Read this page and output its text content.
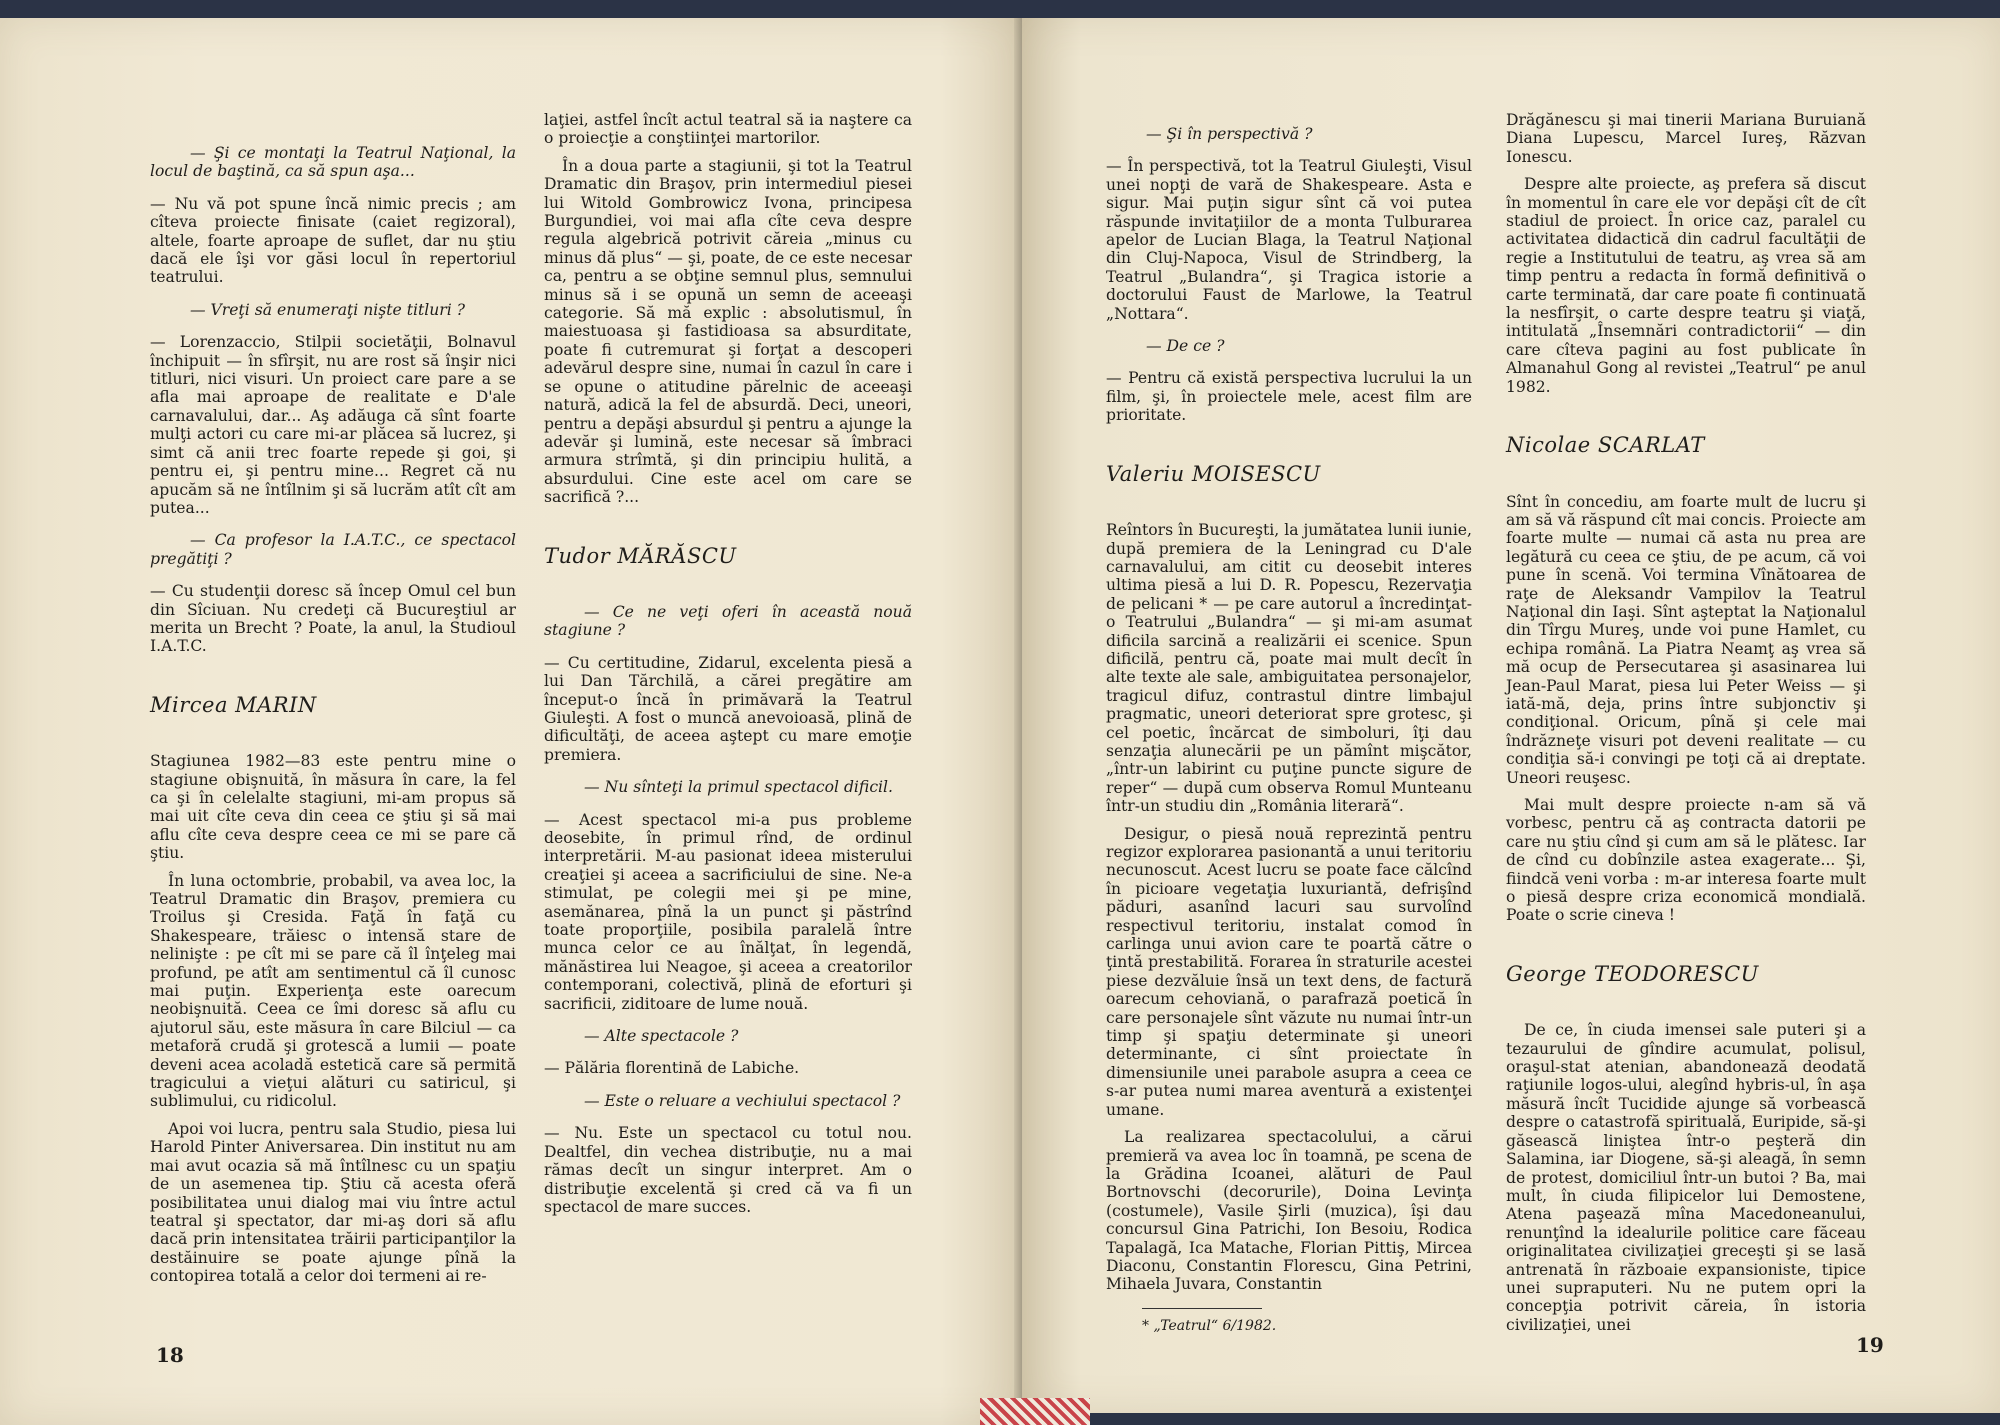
— Şi ce montaţi la Teatrul Naţional, la locul de baştină, ca să spun aşa...

— Nu vă pot spune încă nimic precis ; am cîteva proiecte finisate (caiet regizoral), altele, foarte aproape de suflet, dar nu ştiu dacă ele îşi vor găsi locul în repertoriul teatrului.

— Vreţi să enumeraţi nişte titluri ?

— Lorenzaccio, Stilpii societăţii, Bolnavul închipuit — în sfîrşit, nu are rost să înşir nici titluri, nici visuri. Un proiect care pare a se afla mai aproape de realitate e D'ale carnavalului, dar... Aş adăuga că sînt foarte mulţi actori cu care mi-ar plăcea să lucrez, şi simt că anii trec foarte repede şi goi, şi pentru ei, şi pentru mine... Regret că nu apucăm să ne întîlnim şi să lucrăm atît cît am putea...

— Ca profesor la I.A.T.C., ce spectacol pregătiţi ?

— Cu studenţii doresc să încep Omul cel bun din Sîciuan. Nu credeţi că Bucureştiul ar merita un Brecht ? Poate, la anul, la Studioul I.A.T.C.

Mircea MARIN

Stagiunea 1982—83 este pentru mine o stagiune obişnuită, în măsura în care, la fel ca şi în celelalte stagiuni, mi-am propus să mai uit cîte ceva din ceea ce ştiu şi să mai aflu cîte ceva despre ceea ce mi se pare că ştiu.

În luna octombrie, probabil, va avea loc, la Teatrul Dramatic din Braşov, premiera cu Troilus şi Cresida. Faţă în faţă cu Shakespeare, trăiesc o intensă stare de nelinişte : pe cît mi se pare că îl înţeleg mai profund, pe atît am sentimentul că îl cunosc mai puţin. Experienţa este oarecum neobişnuită. Ceea ce îmi doresc să aflu cu ajutorul său, este măsura în care Bilciul — ca metaforă crudă şi grotescă a lumii — poate deveni acea acoladă estetică care să permită tragicului a vieţui alături cu satiricul, şi sublimului, cu ridicolul.

Apoi voi lucra, pentru sala Studio, piesa lui Harold Pinter Aniversarea. Din institut nu am mai avut ocazia să mă întîlnesc cu un spaţiu de un asemenea tip. Ştiu că acesta oferă posibilitatea unui dialog mai viu între actul teatral şi spectator, dar mi-aş dori să aflu dacă prin intensitatea trăirii participanţilor la destăinuire se poate ajunge pînă la contopirea totală a celor doi termeni ai re-

laţiei, astfel încît actul teatral să ia naştere ca o proiecţie a conştiinţei martorilor.

În a doua parte a stagiunii, şi tot la Teatrul Dramatic din Braşov, prin intermediul piesei lui Witold Gombrowicz Ivona, principesa Burgundiei, voi mai afla cîte ceva despre regula algebrică potrivit căreia „minus cu minus dă plus“ — şi, poate, de ce este necesar ca, pentru a se obţine semnul plus, semnului minus să i se opună un semn de aceeaşi categorie. Să mă explic : absolutismul, în maiestuoasa şi fastidioasa sa absurditate, poate fi cutremurat şi forţat a descoperi adevărul despre sine, numai în cazul în care i se opune o atitudine părelnic de aceeaşi natură, adică la fel de absurdă. Deci, uneori, pentru a depăşi absurdul şi pentru a ajunge la adevăr şi lumină, este necesar să îmbraci armura strîmtă, şi din principiu hulită, a absurdului. Cine este acel om care se sacrifică ?...

Tudor MĂRĂSCU

— Ce ne veţi oferi în această nouă stagiune ?

— Cu certitudine, Zidarul, excelenta piesă a lui Dan Tărchilă, a cărei pregătire am început-o încă în primăvară la Teatrul Giuleşti. A fost o muncă anevoioasă, plină de dificultăţi, de aceea aştept cu mare emoţie premiera.

— Nu sînteţi la primul spectacol dificil.

— Acest spectacol mi-a pus probleme deosebite, în primul rînd, de ordinul interpretării. M-au pasionat ideea misterului creaţiei şi aceea a sacrificiului de sine. Ne-a stimulat, pe colegii mei şi pe mine, asemănarea, pînă la un punct şi păstrînd toate proporţiile, posibila paralelă între munca celor ce au înălţat, în legendă, mănăstirea lui Neagoe, şi aceea a creatorilor contemporani, colectivă, plină de eforturi şi sacrificii, ziditoare de lume nouă.

— Alte spectacole ?

— Pălăria florentină de Labiche.

— Este o reluare a vechiului spectacol ?

— Nu. Este un spectacol cu totul nou. Dealtfel, din vechea distribuţie, nu a mai rămas decît un singur interpret. Am o distribuţie excelentă şi cred că va fi un spectacol de mare succes.

18

— Şi în perspectivă ?

— În perspectivă, tot la Teatrul Giuleşti, Visul unei nopţi de vară de Shakespeare. Asta e sigur. Mai puţin sigur sînt că voi putea răspunde invitaţiilor de a monta Tulburarea apelor de Lucian Blaga, la Teatrul Naţional din Cluj-Napoca, Visul de Strindberg, la Teatrul „Bulandra“, şi Tragica istorie a doctorului Faust de Marlowe, la Teatrul „Nottara“.

— De ce ?

— Pentru că există perspectiva lucrului la un film, şi, în proiectele mele, acest film are prioritate.

Valeriu MOISESCU

Reîntors în Bucureşti, la jumătatea lunii iunie, după premiera de la Leningrad cu D'ale carnavalului, am citit cu deosebit interes ultima piesă a lui D. R. Popescu, Rezervaţia de pelicani * — pe care autorul a încredinţat-o Teatrului „Bulandra“ — şi mi-am asumat dificila sarcină a realizării ei scenice. Spun dificilă, pentru că, poate mai mult decît în alte texte ale sale, ambiguitatea personajelor, tragicul difuz, contrastul dintre limbajul pragmatic, uneori deteriorat spre grotesc, şi cel poetic, încărcat de simboluri, îţi dau senzaţia alunecării pe un pămînt mişcător, „într-un labirint cu puţine puncte sigure de reper“ — după cum observa Romul Munteanu într-un studiu din „România literară“.

Desigur, o piesă nouă reprezintă pentru regizor explorarea pasionantă a unui teritoriu necunoscut. Acest lucru se poate face călcînd în picioare vegetaţia luxuriantă, defrişînd păduri, asanînd lacuri sau survolînd respectivul teritoriu, instalat comod în carlinga unui avion care te poartă către o ţintă prestabilită. Forarea în straturile acestei piese dezvăluie însă un text dens, de factură oarecum cehoviană, o parafrază poetică în care personajele sînt văzute nu numai într-un timp şi spaţiu determinate şi uneori determinante, ci sînt proiectate în dimensiunile unei parabole asupra a ceea ce s-ar putea numi marea aventură a existenţei umane.

La realizarea spectacolului, a cărui premieră va avea loc în toamnă, pe scena de la Grădina Icoanei, alături de Paul Bortnovschi (decorurile), Doina Levinţa (costumele), Vasile Şirli (muzica), îşi dau concursul Gina Patrichi, Ion Besoiu, Rodica Tapalagă, Ica Matache, Florian Pittiş, Mircea Diaconu, Constantin Florescu, Gina Petrini, Mihaela Juvara, Constantin

* „Teatrul“ 6/1982.

Drăgănescu şi mai tinerii Mariana Buruiană Diana Lupescu, Marcel Iureş, Răzvan Ionescu.

Despre alte proiecte, aş prefera să discut în momentul în care ele vor depăşi cît de cît stadiul de proiect. În orice caz, paralel cu activitatea didactică din cadrul facultăţii de regie a Institutului de teatru, aş vrea să am timp pentru a redacta în formă definitivă o carte terminată, dar care poate fi continuată la nesfîrşit, o carte despre teatru şi viaţă, intitulată „Însemnări contradictorii“ — din care cîteva pagini au fost publicate în Almanahul Gong al revistei „Teatrul“ pe anul 1982.

Nicolae SCARLAT

Sînt în concediu, am foarte mult de lucru şi am să vă răspund cît mai concis. Proiecte am foarte multe — numai că asta nu prea are legătură cu ceea ce ştiu, de pe acum, că voi pune în scenă. Voi termina Vînătoarea de raţe de Aleksandr Vampilov la Teatrul Naţional din Iaşi. Sînt aşteptat la Naţionalul din Tîrgu Mureş, unde voi pune Hamlet, cu echipa română. La Piatra Neamţ aş vrea să mă ocup de Persecutarea şi asasinarea lui Jean-Paul Marat, piesa lui Peter Weiss — şi iată-mă, deja, prins între subjonctiv şi condiţional. Oricum, pînă şi cele mai îndrăzneţe visuri pot deveni realitate — cu condiţia să-i convingi pe toţi că ai dreptate. Uneori reuşesc.

Mai mult despre proiecte n-am să vă vorbesc, pentru că aş contracta datorii pe care nu ştiu cînd şi cum am să le plătesc. Iar de cînd cu dobînzile astea exagerate... Şi, fiindcă veni vorba : m-ar interesa foarte mult o piesă despre criza economică mondială. Poate o scrie cineva !

George TEODORESCU

De ce, în ciuda imensei sale puteri şi a tezaurului de gîndire acumulat, polisul, oraşul-stat atenian, abandonează deodată raţiunile logos-ului, alegînd hybris-ul, în aşa măsură încît Tucidide ajunge să vorbească despre o catastrofă spirituală, Euripide, să-şi găsească liniştea într-o peşteră din Salamina, iar Diogene, să-şi aleagă, în semn de protest, domiciliul într-un butoi ? Ba, mai mult, în ciuda filipicelor lui Demostene, Atena paşează mîna Macedoneanului, renunţînd la idealurile politice care făceau originalitatea civilizaţiei greceşti şi se lasă antrenată în războaie expansioniste, tipice unei supraputeri. Nu ne putem opri la concepţia potrivit căreia, în istoria civilizaţiei, unei

19
